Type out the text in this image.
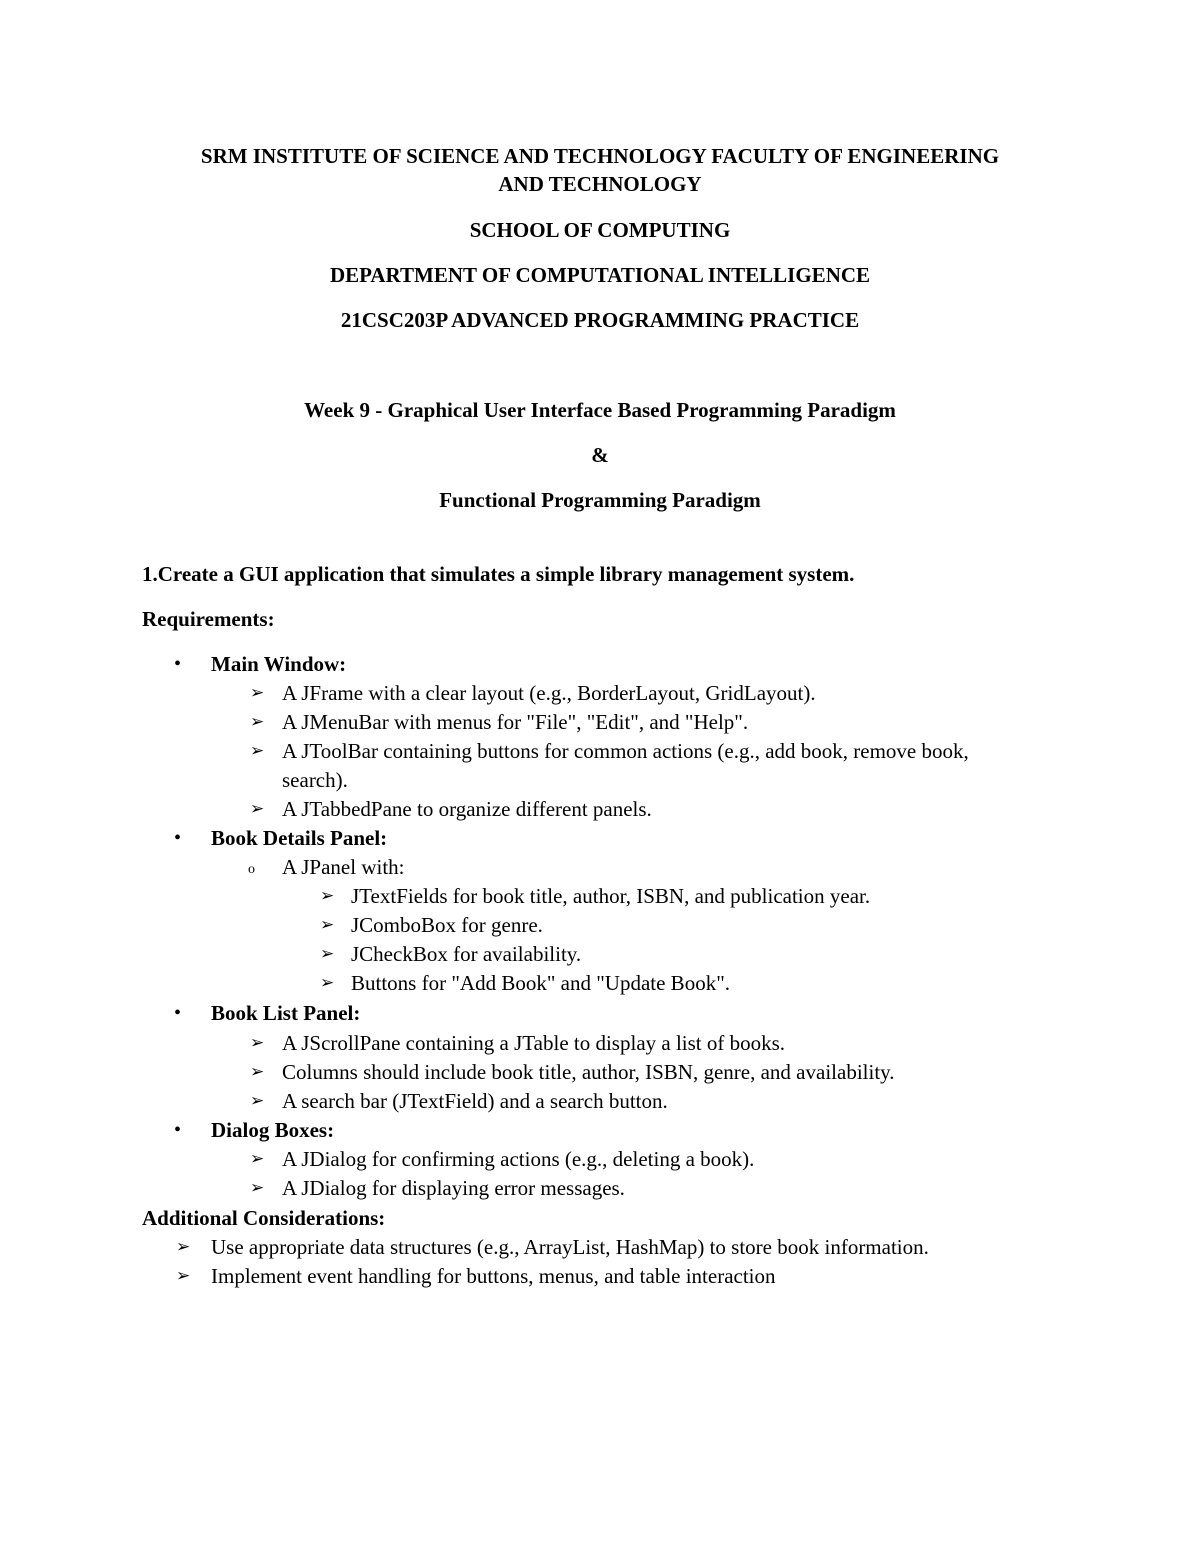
SRM INSTITUTE OF SCIENCE AND TECHNOLOGY FACULTY OF ENGINEERING
AND TECHNOLOGY
SCHOOL OF COMPUTING
DEPARTMENT OF COMPUTATIONAL INTELLIGENCE
21CSC203P ADVANCED PROGRAMMING PRACTICE
Week 9 - Graphical User Interface Based Programming Paradigm
&
Functional Programming Paradigm
1.Create a GUI application that simulates a simple library management system.
Requirements:
• Main Window:
➢ A JFrame with a clear layout (e.g., BorderLayout, GridLayout).
➢ A JMenuBar with menus for "File", "Edit", and "Help".
➢ A JToolBar containing buttons for common actions (e.g., add book, remove book,
search).
➢ A JTabbedPane to organize different panels.
• Book Details Panel:
o A JPanel with:
➢ JTextFields for book title, author, ISBN, and publication year.
➢ JComboBox for genre.
➢ JCheckBox for availability.
➢ Buttons for "Add Book" and "Update Book".
• Book List Panel:
➢ A JScrollPane containing a JTable to display a list of books.
➢ Columns should include book title, author, ISBN, genre, and availability.
➢ A search bar (JTextField) and a search button.
• Dialog Boxes:
➢ A JDialog for confirming actions (e.g., deleting a book).
➢ A JDialog for displaying error messages.
Additional Considerations:
➢ Use appropriate data structures (e.g., ArrayList, HashMap) to store book information.
➢ Implement event handling for buttons, menus, and table interaction
